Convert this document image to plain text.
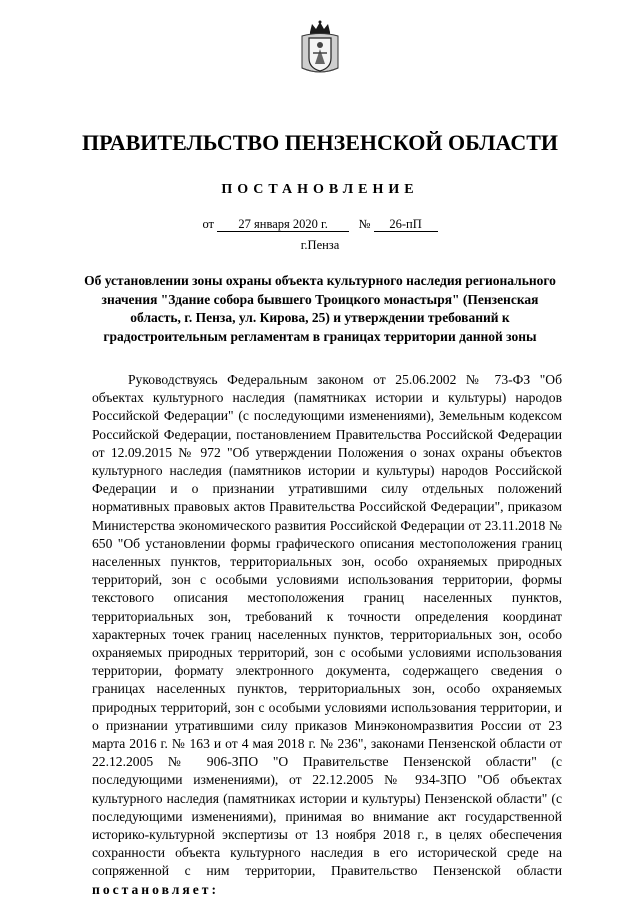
ПРАВИТЕЛЬСТВО ПЕНЗЕНСКОЙ ОБЛАСТИ
ПОСТАНОВЛЕНИЕ
от 27 января 2020 г. № 26-пП
г.Пенза
Об установлении зоны охраны объекта культурного наследия регионального значения "Здание собора бывшего Троицкого монастыря" (Пензенская область, г. Пенза, ул. Кирова, 25) и утверждении требований к градостроительным регламентам в границах территории данной зоны

Руководствуясь Федеральным законом от 25.06.2002 № 73-ФЗ "Об объектах культурного наследия (памятниках истории и культуры) народов Российской Федерации" (с последующими изменениями), Земельным кодексом Российской Федерации, постановлением Правительства Российской Федерации от 12.09.2015 № 972 "Об утверждении Положения о зонах охраны объектов культурного наследия (памятников истории и культуры) народов Российской Федерации и о признании утратившими силу отдельных положений нормативных правовых актов Правительства Российской Федерации", приказом Министерства экономического развития Российской Федерации от 23.11.2018 № 650 "Об установлении формы графического описания местоположения границ населенных пунктов, территориальных зон, особо охраняемых природных территорий, зон с особыми условиями использования территории, формы текстового описания местоположения границ населенных пунктов, территориальных зон, требований к точности определения координат характерных точек границ населенных пунктов, территориальных зон, особо охраняемых природных территорий, зон с особыми условиями использования территории, формату электронного документа, содержащего сведения о границах населенных пунктов, территориальных зон, особо охраняемых природных территорий, зон с особыми условиями использования территории, и о признании утратившими силу приказов Минэкономразвития России от 23 марта 2016 г. № 163 и от 4 мая 2018 г. № 236", законами Пензенской области от 22.12.2005 № 906-ЗПО "О Правительстве Пензенской области" (с последующими изменениями), от 22.12.2005 № 934-ЗПО "Об объектах культурного наследия (памятниках истории и культуры) Пензенской области" (с последующими изменениями), принимая во внимание акт государственной историко-культурной экспертизы от 13 ноября 2018 г., в целях обеспечения сохранности объекта культурного наследия в его исторической среде на сопряженной с ним территории, Правительство Пензенской области постановляет:
